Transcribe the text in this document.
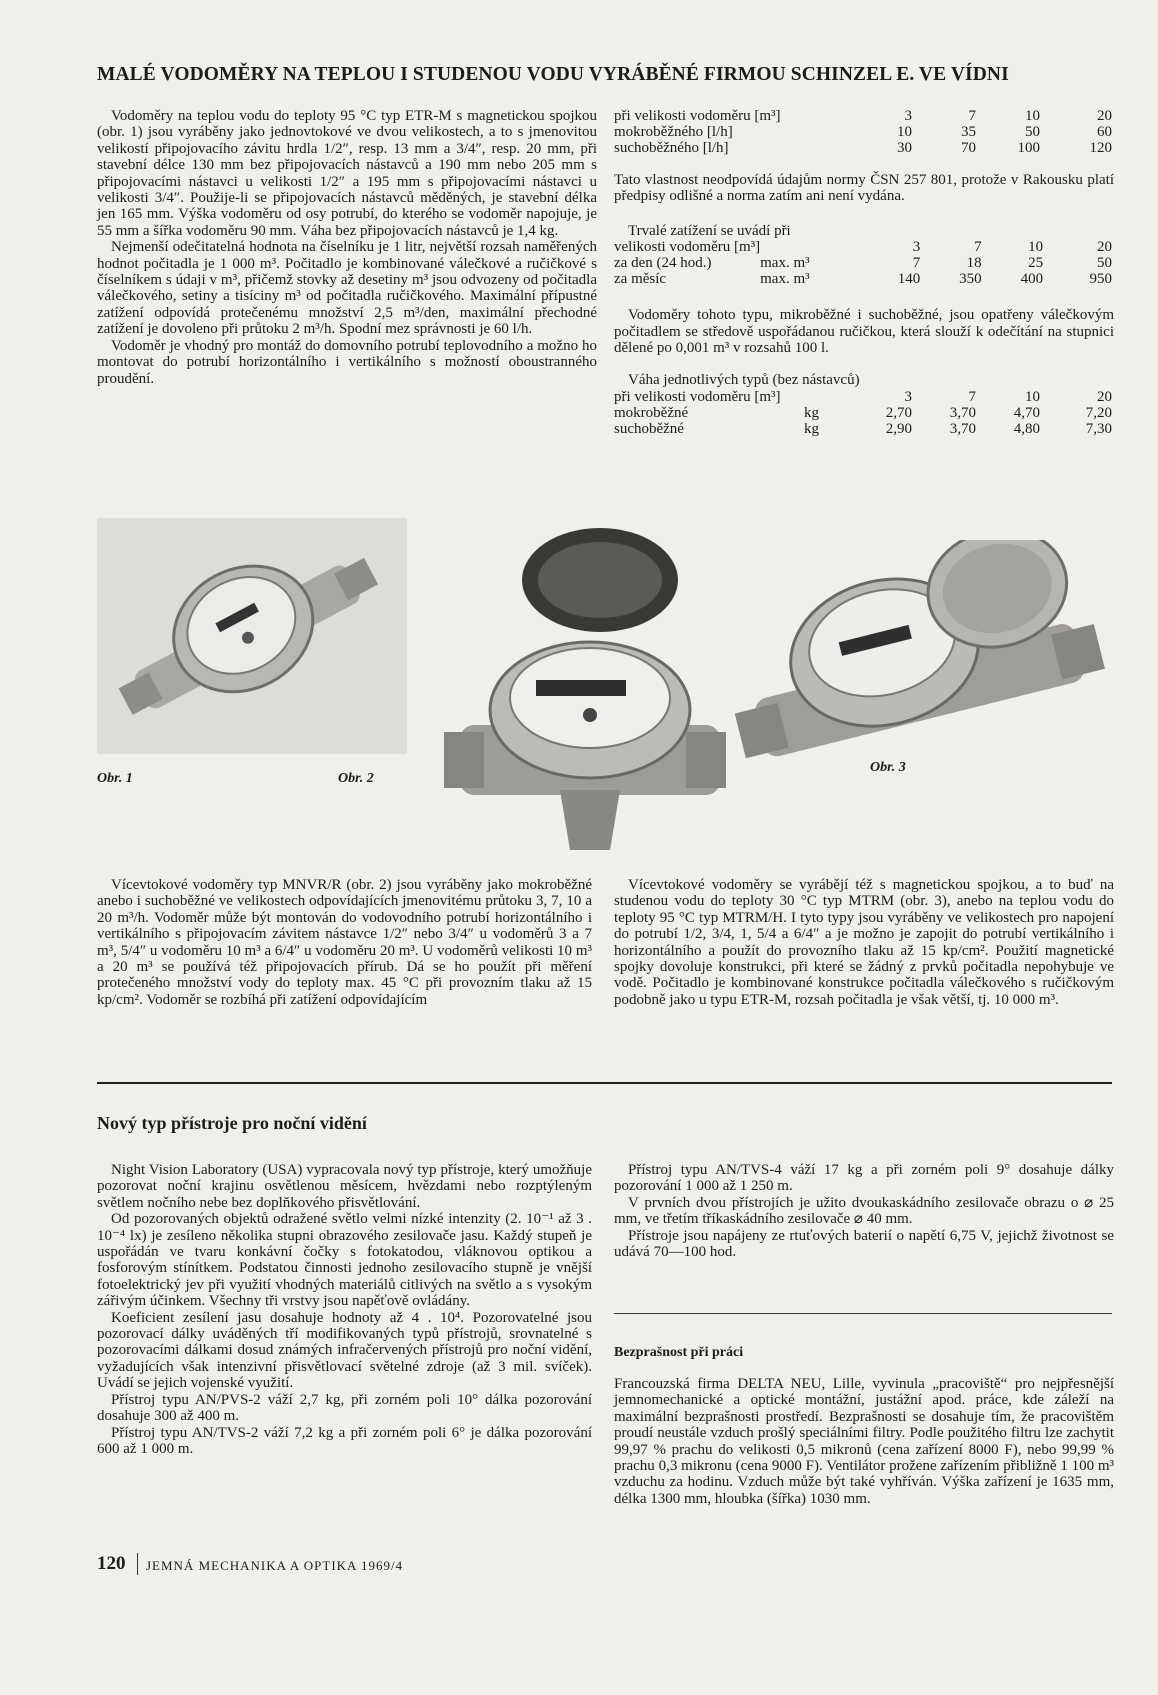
MALÉ VODOMĚRY NA TEPLOU I STUDENOU VODU VYRÁBĚNÉ FIRMOU SCHINZEL E. VE VÍDNI

Vodoměry na teplou vodu do teploty 95 °C typ ETR-M s magnetickou spojkou (obr. 1) jsou vyráběny jako jednovtokové ve dvou velikostech, a to s jmenovitou velikostí připojovacího závitu hrdla 1/2″, resp. 13 mm a 3/4″, resp. 20 mm, při stavební délce 130 mm bez připojovacích nástavců a 190 mm nebo 205 mm s připojovacími nástavci u velikosti 1/2″ a 195 mm s připojovacími nástavci u velikosti 3/4″. Použije-li se připojovacích nástavců měděných, je stavební délka jen 165 mm. Výška vodoměru od osy potrubí, do kterého se vodoměr napojuje, je 55 mm a šířka vodoměru 90 mm. Váha bez připojovacích nástavců je 1,4 kg.

Nejmenší odečitatelná hodnota na číselníku je 1 litr, největší rozsah naměřených hodnot počitadla je 1 000 m³. Počitadlo je kombinované válečkové a ručičkové s číselníkem s údaji v m³, přičemž stovky až desetiny m³ jsou odvozeny od počitadla válečkového, setiny a tisíciny m³ od počitadla ručičkového. Maximální přípustné zatížení odpovídá protečenému množství 2,5 m³/den, maximální přechodné zatížení je dovoleno při průtoku 2 m³/h. Spodní mez správnosti je 60 l/h.

Vodoměr je vhodný pro montáž do domovního potrubí teplovodního a možno ho montovat do potrubí horizontálního i vertikálního s možností oboustranného proudění.

při velikosti vodoměru [m³]	3	7	10	20
mokroběžného [l/h]	10	35	50	60
suchoběžného [l/h]	30	70	100	120
Tato vlastnost neodpovídá údajům normy ČSN 257 801, protože v Rakousku platí předpisy odlišné a norma zatím ani není vydána.
Trvalé zatížení se uvádí při
velikosti vodoměru [m³]		3	7	10	20
za den (24 hod.)	max. m³	7	18	25	50
za měsíc	max. m³	140	350	400	950
Vodoměry tohoto typu, mikroběžné i suchoběžné, jsou opatřeny válečkovým počitadlem se středově uspořádanou ručičkou, která slouží k odečítání na stupnici dělené po 0,001 m³ v rozsahů 100 l.
Váha jednotlivých typů (bez nástavců)
při velikosti vodoměru [m³]		3	7	10	20
mokroběžné	kg	2,70	3,70	4,70	7,20
suchoběžné	kg	2,90	3,70	4,80	7,30
Obr. 1	Obr. 2
Obr. 3

Vícevtokové vodoměry typ MNVR/R (obr. 2) jsou vyráběny jako mokroběžné anebo i suchoběžné ve velikostech odpovídajících jmenovitému průtoku 3, 7, 10 a 20 m³/h. Vodoměr může být montován do vodovodního potrubí horizontálního i vertikálního s připojovacím závitem nástavce 1/2″ nebo 3/4″ u vodoměrů 3 a 7 m³, 5/4″ u vodoměru 10 m³ a 6/4″ u vodoměru 20 m³. U vodoměrů velikosti 10 m³ a 20 m³ se používá též připojovacích přírub. Dá se ho použít při měření protečeného množství vody do teploty max. 45 °C při provozním tlaku až 15 kp/cm². Vodoměr se rozbíhá při zatížení odpovídajícím

Vícevtokové vodoměry se vyrábějí též s magnetickou spojkou, a to buď na studenou vodu do teploty 30 °C typ MTRM (obr. 3), anebo na teplou vodu do teploty 95 °C typ MTRM/H. I tyto typy jsou vyráběny ve velikostech pro napojení do potrubí 1/2, 3/4, 1, 5/4 a 6/4″ a je možno je zapojit do potrubí vertikálního i horizontálního a použít do provozního tlaku až 15 kp/cm². Použití magnetické spojky dovoluje konstrukci, při které se žádný z prvků počitadla nepohybuje ve vodě. Počitadlo je kombinované konstrukce počitadla válečkového s ručičkovým podobně jako u typu ETR-M, rozsah počitadla je však větší, tj. 10 000 m³.

Nový typ přístroje pro noční vidění

Night Vision Laboratory (USA) vypracovala nový typ přístroje, který umožňuje pozorovat noční krajinu osvětlenou měsícem, hvězdami nebo rozptýleným světlem nočního nebe bez doplňkového přisvětlování.

Od pozorovaných objektů odražené světlo velmi nízké intenzity (2. 10⁻¹ až 3 . 10⁻⁴ lx) je zesíleno několika stupni obrazového zesilovače jasu. Každý stupeň je uspořádán ve tvaru konkávní čočky s fotokatodou, vláknovou optikou a fosforovým stínítkem. Podstatou činnosti jednoho zesilovacího stupně je vnější fotoelektrický jev při využití vhodných materiálů citlivých na světlo a s vysokým zářivým účinkem. Všechny tři vrstvy jsou napěťově ovládány.

Koeficient zesílení jasu dosahuje hodnoty až 4 . 10⁴. Pozorovatelné jsou pozorovací dálky uváděných tří modifikovaných typů přístrojů, srovnatelné s pozorovacími dálkami dosud známých infračervených přístrojů pro noční vidění, vyžadujících však intenzivní přisvětlovací světelné zdroje (až 3 mil. svíček). Uvádí se jejich vojenské využití.

Přístroj typu AN/PVS-2 váží 2,7 kg, při zorném poli 10° dálka pozorování dosahuje 300 až 400 m.

Přístroj typu AN/TVS-2 váží 7,2 kg a při zorném poli 6° je dálka pozorování 600 až 1 000 m.

Přístroj typu AN/TVS-4 váží 17 kg a při zorném poli 9° dosahuje dálky pozorování 1 000 až 1 250 m.

V prvních dvou přístrojích je užito dvoukaskádního zesilovače obrazu o ⌀ 25 mm, ve třetím tříkaskádního zesilovače ⌀ 40 mm.

Přístroje jsou napájeny ze rtuťových baterií o napětí 6,75 V, jejichž životnost se udává 70—100 hod.

Bezprašnost při práci

Francouzská firma DELTA NEU, Lille, vyvinula „pracoviště“ pro nejpřesnější jemnomechanické a optické montážní, justážní apod. práce, kde záleží na maximální bezprašnosti prostředí. Bezprašnosti se dosahuje tím, že pracovištěm proudí neustále vzduch prošlý speciálními filtry. Podle použitého filtru lze zachytit 99,97 % prachu do velikosti 0,5 mikronů (cena zařízení 8000 F), nebo 99,99 % prachu 0,3 mikronu (cena 9000 F). Ventilátor prožene zařízením přibližně 1 100 m³ vzduchu za hodinu. Vzduch může být také vyhříván. Výška zařízení je 1635 mm, délka 1300 mm, hloubka (šířka) 1030 mm.

120 JEMNÁ MECHANIKA A OPTIKA 1969/4
